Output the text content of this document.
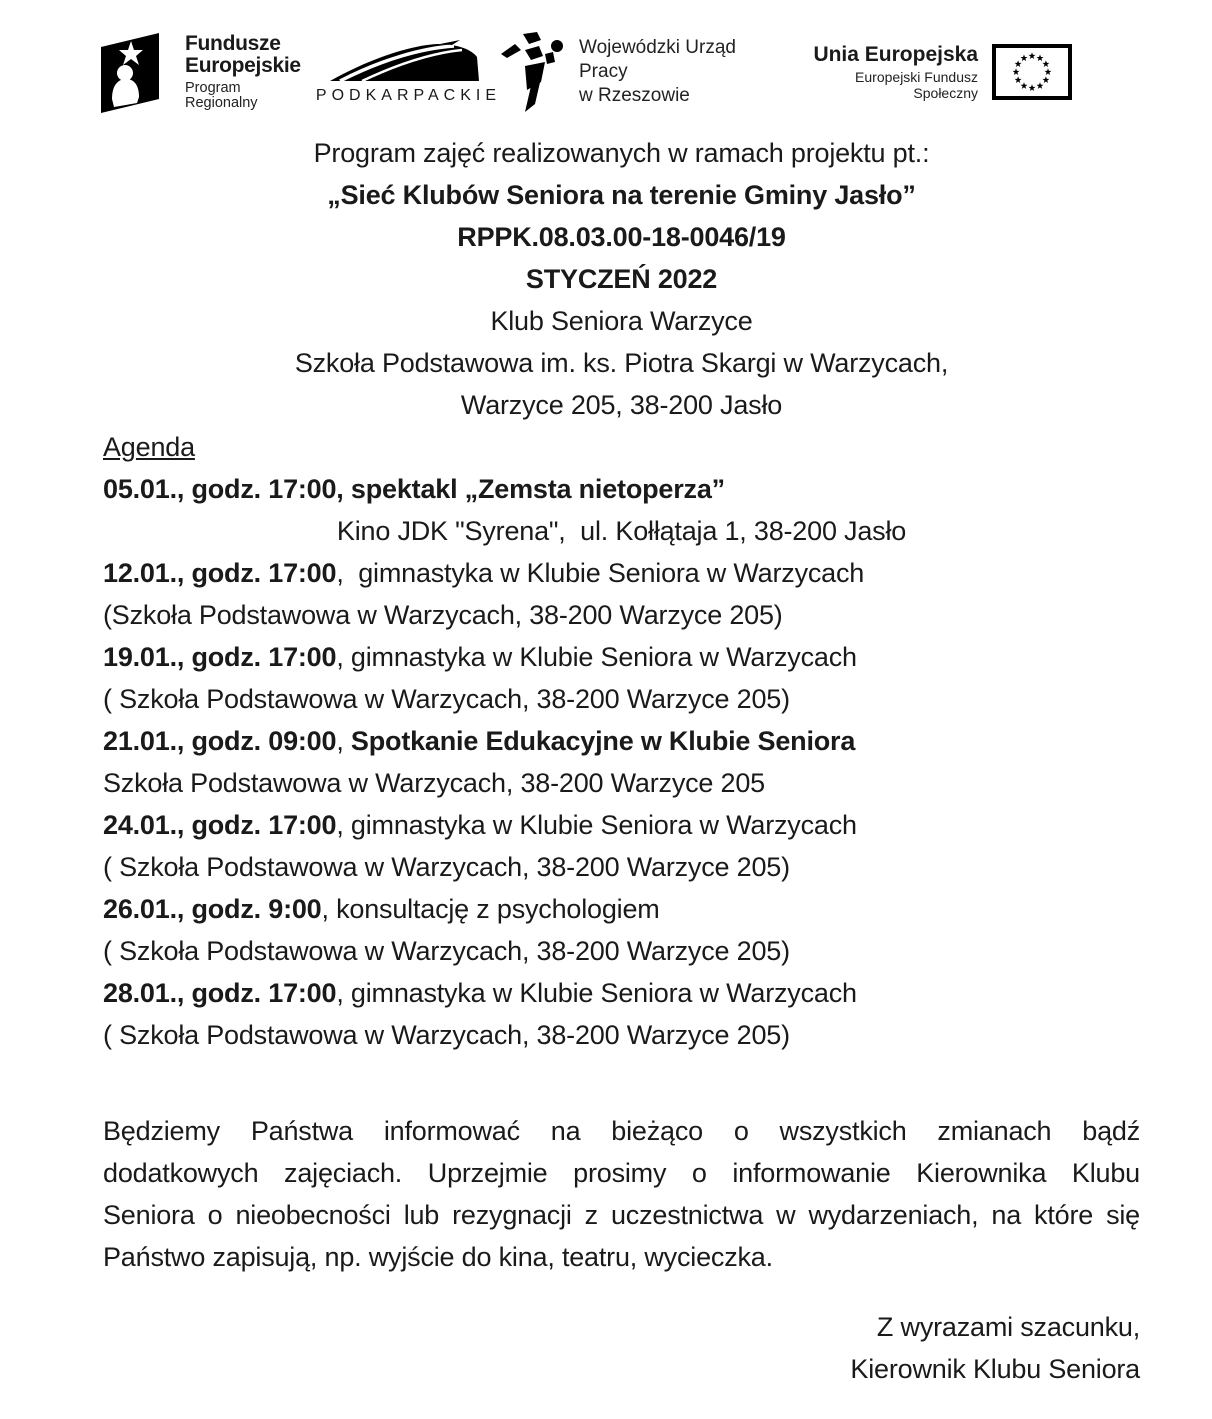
Fundusze
Europejskie
Program Regionalny	PODKARPACKIE
Wojewódzki Urząd Pracy
w Rzeszowie
Unia Europejska
Europejski Fundusz Społeczny
Program zajęć realizowanych w ramach projektu pt.:
„Sieć Klubów Seniora na terenie Gminy Jasło”
RPPK.08.03.00-18-0046/19
STYCZEŃ 2022
Klub Seniora Warzyce
Szkoła Podstawowa im. ks. Piotra Skargi w Warzycach,
Warzyce 205, 38-200 Jasło
Agenda
05.01., godz. 17:00, spektakl „Zemsta nietoperza”
Kino JDK "Syrena",  ul. Kołłątaja 1, 38-200 Jasło
12.01., godz. 17:00,  gimnastyka w Klubie Seniora w Warzycach
(Szkoła Podstawowa w Warzycach, 38-200 Warzyce 205)
19.01., godz. 17:00, gimnastyka w Klubie Seniora w Warzycach
( Szkoła Podstawowa w Warzycach, 38-200 Warzyce 205)
21.01., godz. 09:00, Spotkanie Edukacyjne w Klubie Seniora
Szkoła Podstawowa w Warzycach, 38-200 Warzyce 205
24.01., godz. 17:00, gimnastyka w Klubie Seniora w Warzycach
( Szkoła Podstawowa w Warzycach, 38-200 Warzyce 205)
26.01., godz. 9:00, konsultację z psychologiem
( Szkoła Podstawowa w Warzycach, 38-200 Warzyce 205)
28.01., godz. 17:00, gimnastyka w Klubie Seniora w Warzycach
( Szkoła Podstawowa w Warzycach, 38-200 Warzyce 205)
Będziemy Państwa informować na bieżąco o wszystkich zmianach bądź
dodatkowych zajęciach. Uprzejmie prosimy o informowanie Kierownika Klubu
Seniora o nieobecności lub rezygnacji z uczestnictwa w wydarzeniach, na które się
Państwo zapisują, np. wyjście do kina, teatru, wycieczka.
Z wyrazami szacunku,
Kierownik Klubu Seniora
